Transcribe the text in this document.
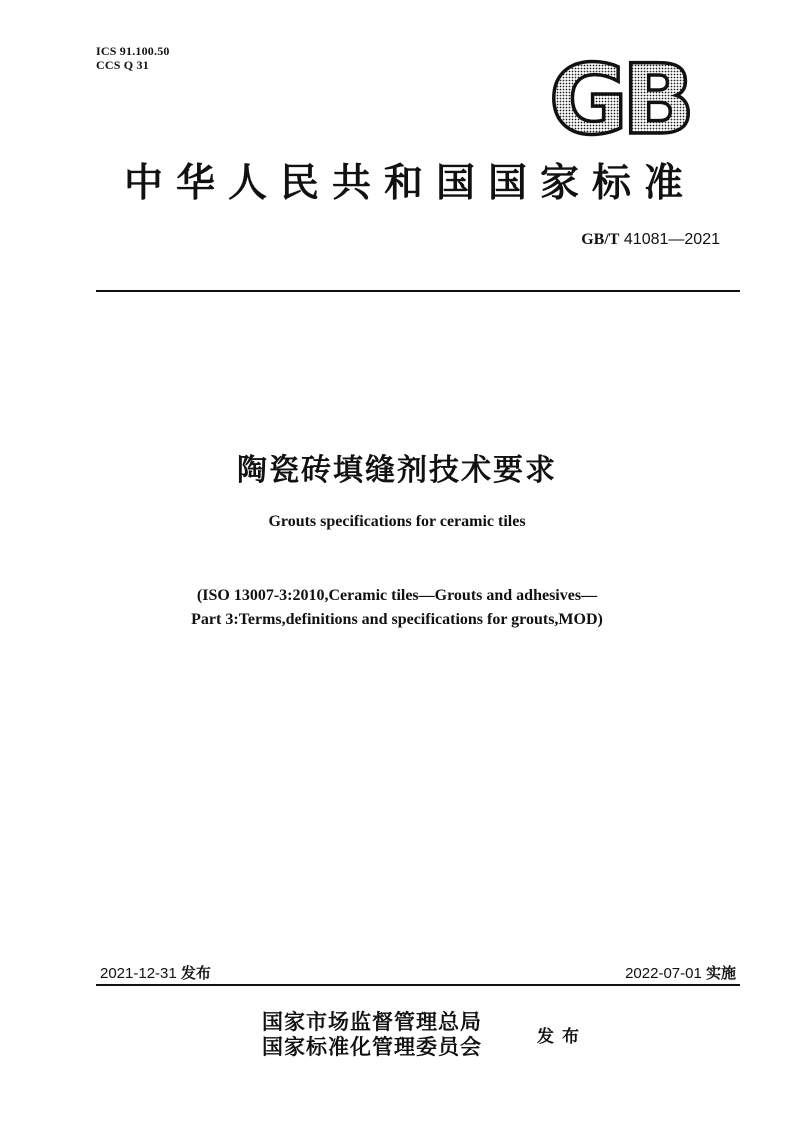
ICS 91.100.50
CCS Q 31	GB
中华人民共和国国家标准
GB/T 41081—2021
陶瓷砖填缝剂技术要求
Grouts specifications for ceramic tiles
(ISO 13007-3:2010,Ceramic tiles—Grouts and adhesives—
Part 3:Terms,definitions and specifications for grouts,MOD)
2021-12-31 发布	2022-07-01 实施
国家市场监督管理总局
国家标准化管理委员会	发布
